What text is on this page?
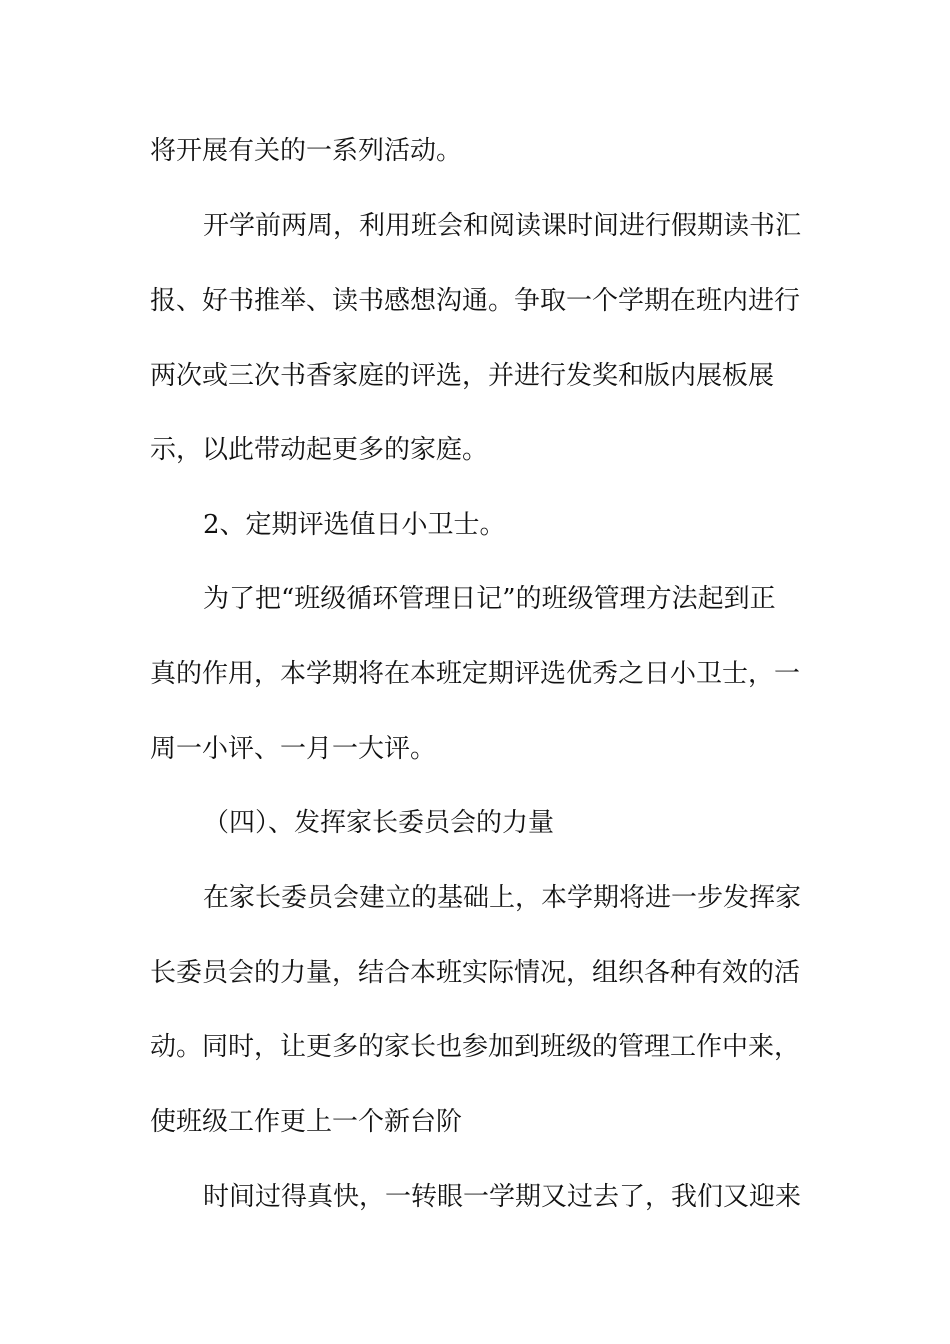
将开展有关的一系列活动。
开学前两周，利用班会和阅读课时间进行假期读书汇
报、好书推举、读书感想沟通。争取一个学期在班内进行
两次或三次书香家庭的评选，并进行发奖和版内展板展
示，以此带动起更多的家庭。
2、定期评选值日小卫士。
为了把“班级循环管理日记”的班级管理方法起到正
真的作用，本学期将在本班定期评选优秀之日小卫士，一
周一小评、一月一大评。
（四）、发挥家长委员会的力量
在家长委员会建立的基础上，本学期将进一步发挥家
长委员会的力量，结合本班实际情况，组织各种有效的活
动。同时，让更多的家长也参加到班级的管理工作中来，
使班级工作更上一个新台阶
时间过得真快，一转眼一学期又过去了，我们又迎来
